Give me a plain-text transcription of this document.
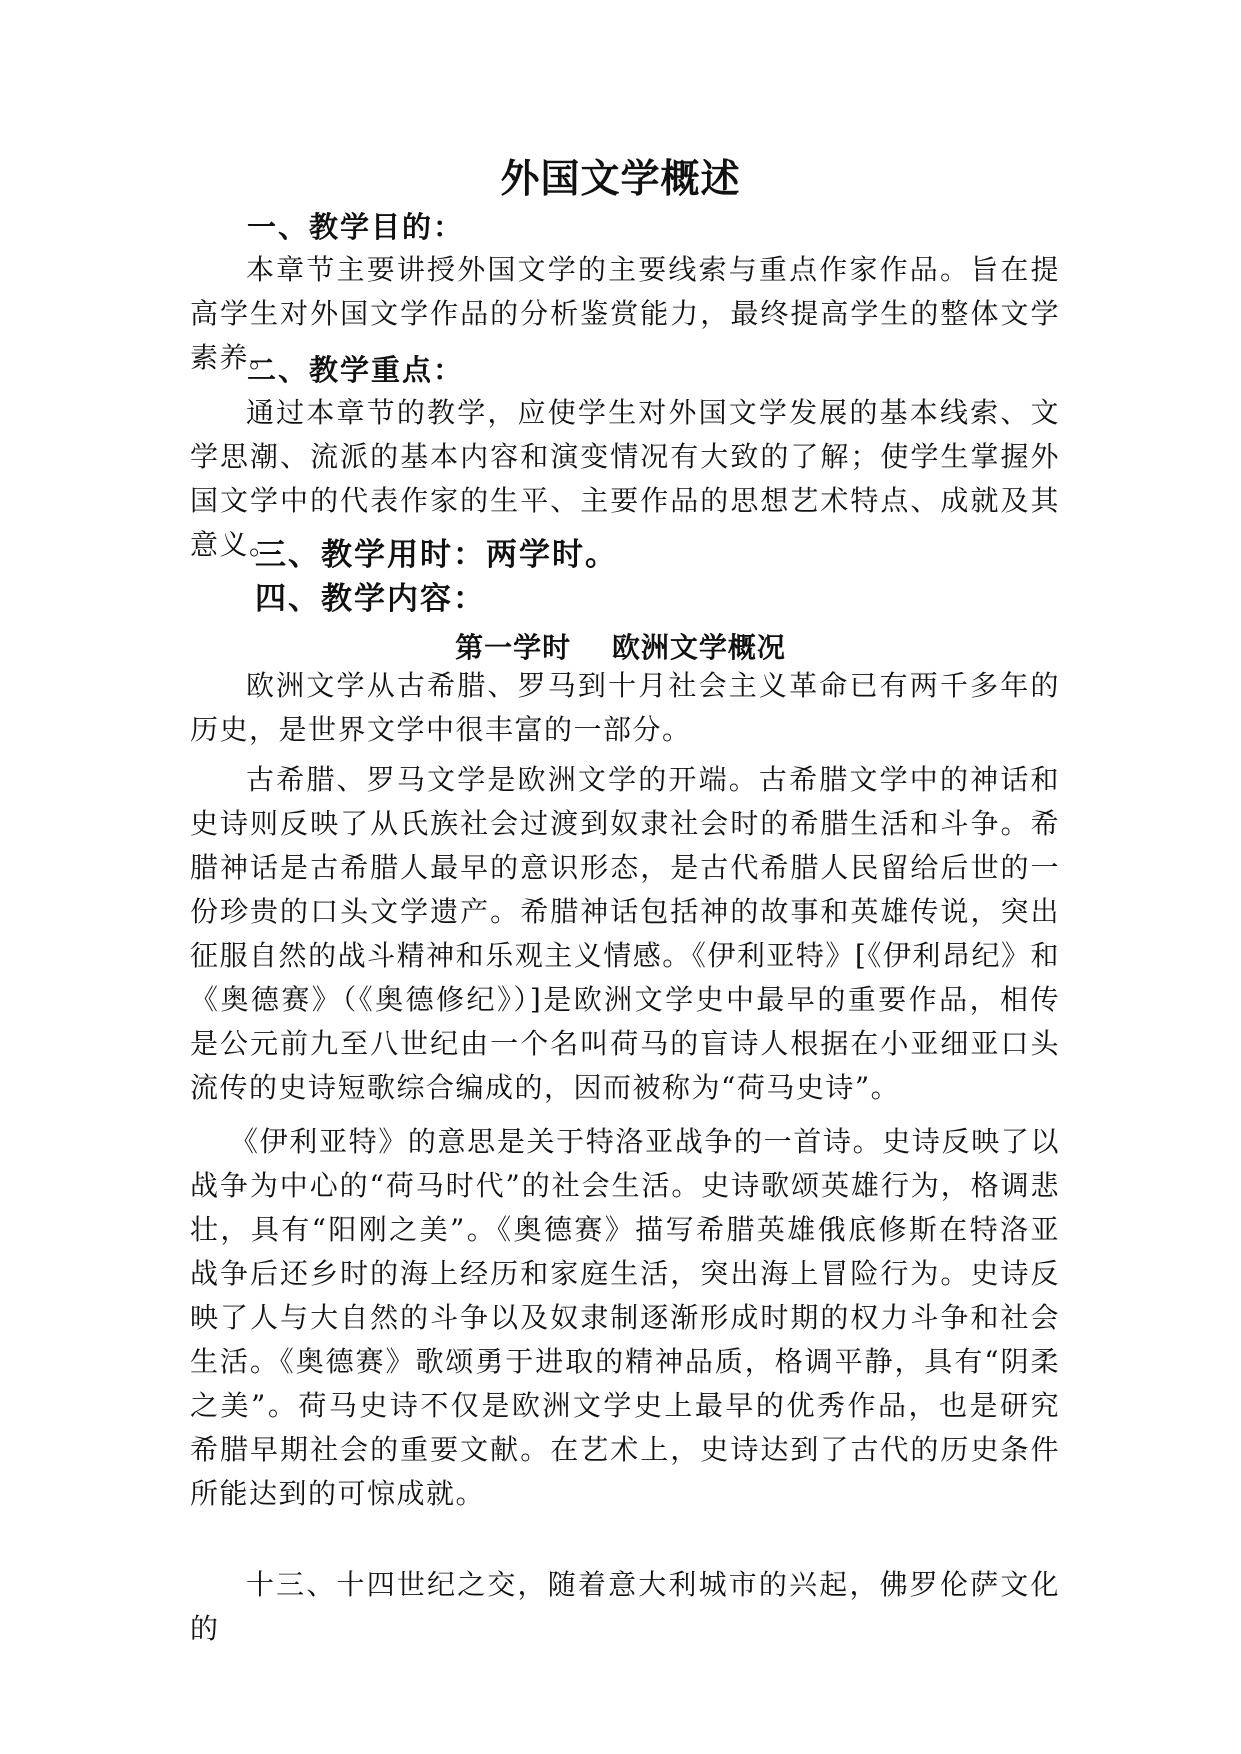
外国文学概述
一、教学目的：
本章节主要讲授外国文学的主要线索与重点作家作品。旨在提高学生对外国文学作品的分析鉴赏能力，最终提高学生的整体文学素养。
二、教学重点：
通过本章节的教学，应使学生对外国文学发展的基本线索、文学思潮、流派的基本内容和演变情况有大致的了解；使学生掌握外国文学中的代表作家的生平、主要作品的思想艺术特点、成就及其意义。
三、教学用时：两学时。
四、教学内容：
第一学时 欧洲文学概况
欧洲文学从古希腊、罗马到十月社会主义革命已有两千多年的历史，是世界文学中很丰富的一部分。
古希腊、罗马文学是欧洲文学的开端。古希腊文学中的神话和史诗则反映了从氏族社会过渡到奴隶社会时的希腊生活和斗争。希腊神话是古希腊人最早的意识形态，是古代希腊人民留给后世的一份珍贵的口头文学遗产。希腊神话包括神的故事和英雄传说，突出征服自然的战斗精神和乐观主义情感。《伊利亚特》[《伊利昂纪》和《奥德赛》（《奥德修纪》）]是欧洲文学史中最早的重要作品，相传是公元前九至八世纪由一个名叫荷马的盲诗人根据在小亚细亚口头流传的史诗短歌综合编成的，因而被称为“荷马史诗”。
《伊利亚特》的意思是关于特洛亚战争的一首诗。史诗反映了以战争为中心的“荷马时代”的社会生活。史诗歌颂英雄行为，格调悲壮，具有“阳刚之美”。《奥德赛》描写希腊英雄俄底修斯在特洛亚战争后还乡时的海上经历和家庭生活，突出海上冒险行为。史诗反映了人与大自然的斗争以及奴隶制逐渐形成时期的权力斗争和社会生活。《奥德赛》歌颂勇于进取的精神品质，格调平静，具有“阴柔之美”。荷马史诗不仅是欧洲文学史上最早的优秀作品，也是研究希腊早期社会的重要文献。在艺术上，史诗达到了古代的历史条件所能达到的可惊成就。
十三、十四世纪之交，随着意大利城市的兴起，佛罗伦萨文化的
